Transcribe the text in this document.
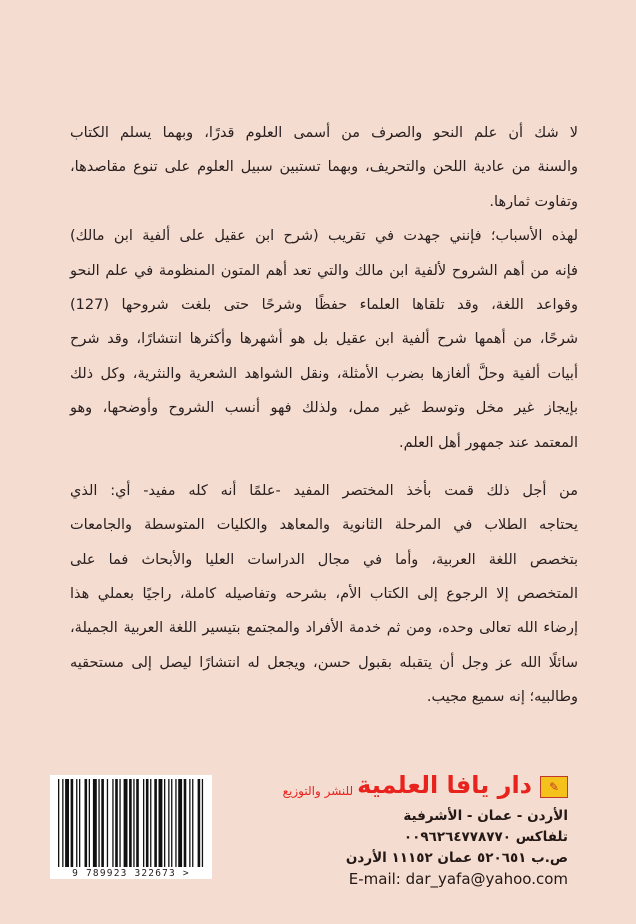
لا شك أن علم النحو والصرف من أسمى العلوم قدرًا، وبهما يسلم الكتاب
والسنة من عادية اللحن والتحريف، وبهما تستبين سبيل العلوم على تنوع مقاصدها،
وتفاوت ثمارها.
لهذه الأسباب؛ فإنني جهدت في تقريب (شرح ابن عقيل على ألفية ابن مالك)
فإنه من أهم الشروح لألفية ابن مالك والتي تعد أهم المتون المنظومة في علم النحو
وقواعد اللغة، وقد تلقاها العلماء حفظًا وشرحًا حتى بلغت شروحها (127)
شرحًا، من أهمها شرح ألفية ابن عقيل بل هو أشهرها وأكثرها انتشارًا، وقد شرح
أبيات ألفية وحلَّ ألغازها بضرب الأمثلة، ونقل الشواهد الشعرية والنثرية، وكل ذلك
بإيجاز غير مخل وتوسط غير ممل، ولذلك فهو أنسب الشروح وأوضحها، وهو
المعتمد عند جمهور أهل العلم.
من أجل ذلك قمت بأخذ المختصر المفيد -علمًا أنه كله مفيد- أي: الذي
يحتاجه الطلاب في المرحلة الثانوية والمعاهد والكليات المتوسطة والجامعات
بتخصص اللغة العربية، وأما في مجال الدراسات العليا والأبحاث فما على
المتخصص إلا الرجوع إلى الكتاب الأم، بشرحه وتفاصيله كاملة، راجيًا بعملي هذا
إرضاء الله تعالى وحده، ومن ثم خدمة الأفراد والمجتمع بتيسير اللغة العربية الجميلة،
سائلًا الله عز وجل أن يتقبله بقبول حسن، ويجعل له انتشارًا ليصل إلى مستحقيه
وطالبيه؛ إنه سميع مجيب.
9 789923 322673 >
✎
دار يافا العلمية
للنشر والتوزيع
الأردن - عمان - الأشرفية
تلفاكس ٠٠٩٦٢٦٤٧٧٨٧٧٠
ص.ب ٥٢٠٦٥١ عمان ١١١٥٢ الأردن
E-mail: dar_yafa@yahoo.com
